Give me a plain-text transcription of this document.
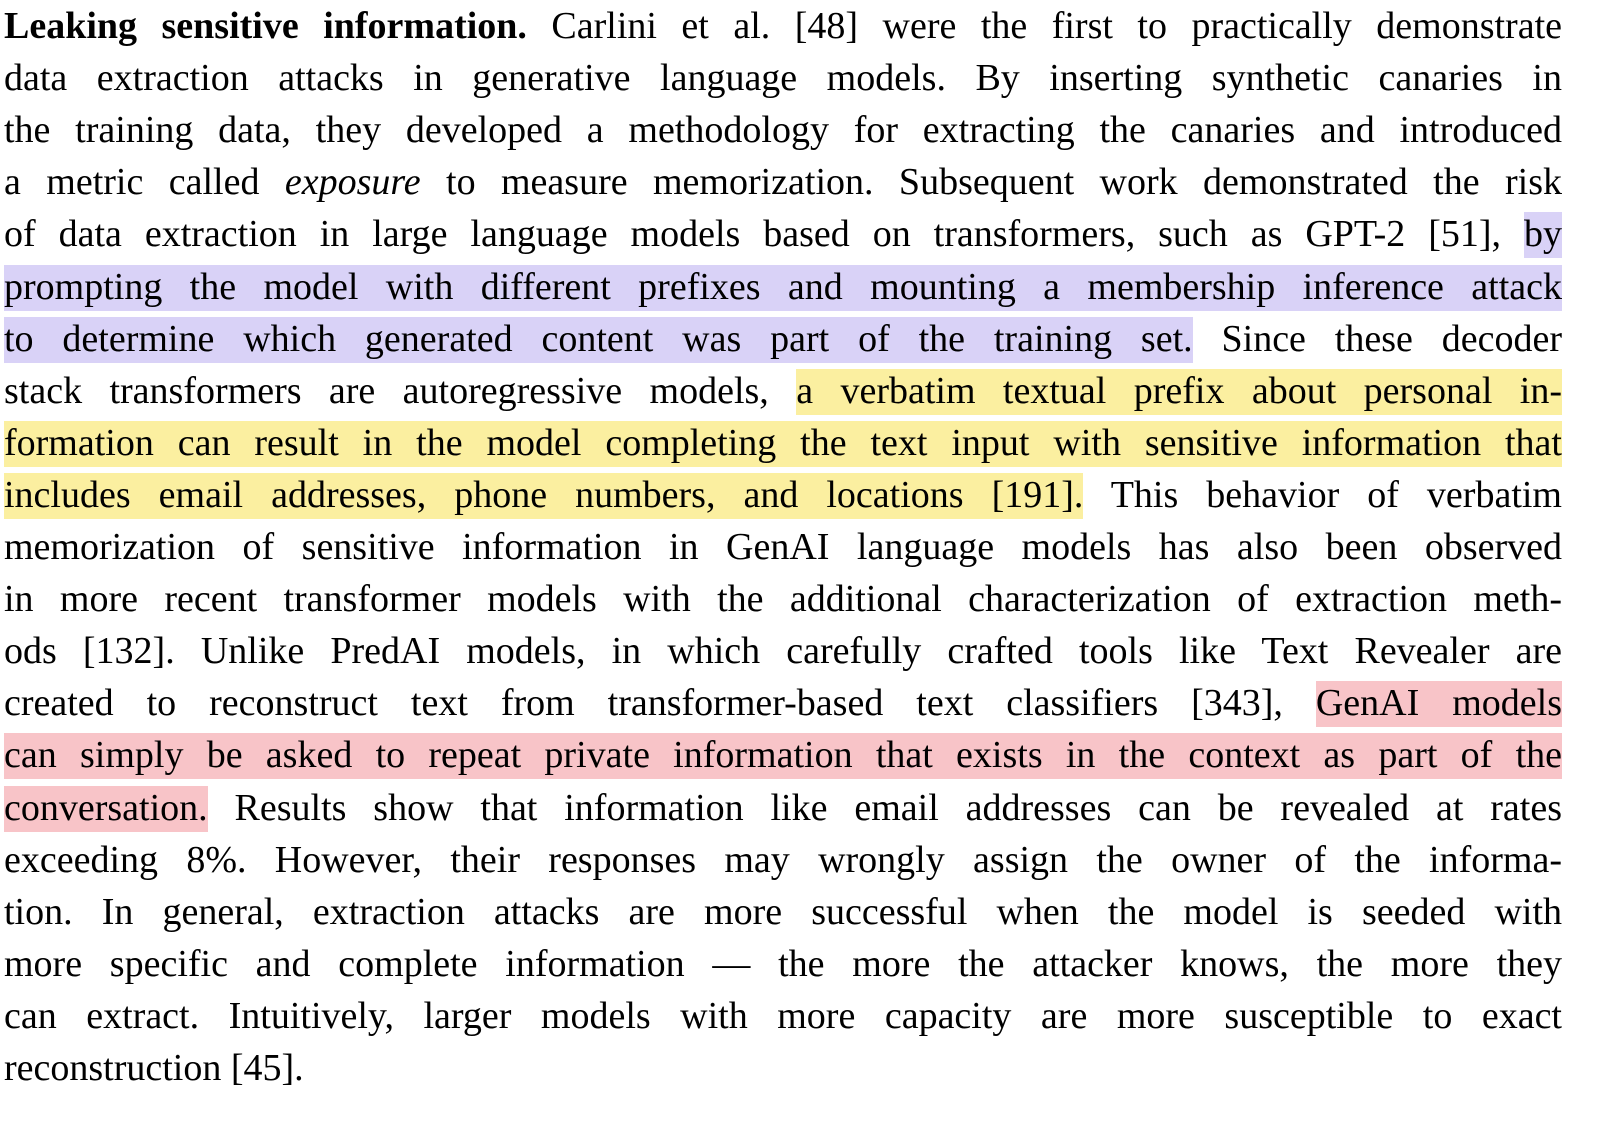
Leaking sensitive information. Carlini et al. [48] were the first to practically demonstrate
data extraction attacks in generative language models. By inserting synthetic canaries in
the training data, they developed a methodology for extracting the canaries and introduced
a metric called exposure to measure memorization. Subsequent work demonstrated the risk
of data extraction in large language models based on transformers, such as GPT-2 [51], by
prompting the model with different prefixes and mounting a membership inference attack
to determine which generated content was part of the training set. Since these decoder
stack transformers are autoregressive models, a verbatim textual prefix about personal in-
formation can result in the model completing the text input with sensitive information that
includes email addresses, phone numbers, and locations [191]. This behavior of verbatim
memorization of sensitive information in GenAI language models has also been observed
in more recent transformer models with the additional characterization of extraction meth-
ods [132]. Unlike PredAI models, in which carefully crafted tools like Text Revealer are
created to reconstruct text from transformer-based text classifiers [343], GenAI models
can simply be asked to repeat private information that exists in the context as part of the
conversation. Results show that information like email addresses can be revealed at rates
exceeding 8%. However, their responses may wrongly assign the owner of the informa-
tion. In general, extraction attacks are more successful when the model is seeded with
more specific and complete information — the more the attacker knows, the more they
can extract. Intuitively, larger models with more capacity are more susceptible to exact
reconstruction [45].
